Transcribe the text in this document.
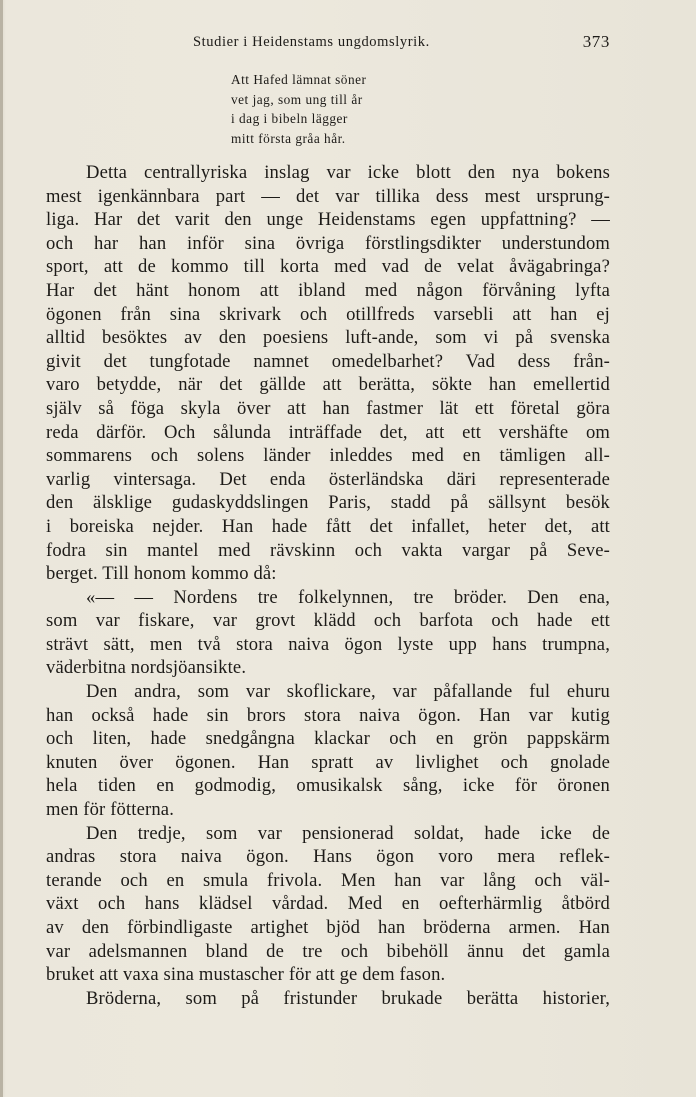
Studier i Heidenstams ungdomslyrik.	373
Att Hafed lämnat söner
vet jag, som ung till år
i dag i bibeln lägger
mitt första gråa hår.
Detta centrallyriska inslag var icke blott den nya bokens
mest igenkännbara part — det var tillika dess mest ursprung-
liga. Har det varit den unge Heidenstams egen uppfattning? —
och har han inför sina övriga förstlingsdikter understundom
sport, att de kommo till korta med vad de velat åvägabringa?
Har det hänt honom att ibland med någon förvåning lyfta
ögonen från sina skrivark och otillfreds varsebli att han ej
alltid besöktes av den poesiens luft-ande, som vi på svenska
givit det tungfotade namnet omedelbarhet? Vad dess från-
varo betydde, när det gällde att berätta, sökte han emellertid
själv så föga skyla över att han fastmer lät ett företal göra
reda därför. Och sålunda inträffade det, att ett vershäfte om
sommarens och solens länder inleddes med en tämligen all-
varlig vintersaga. Det enda österländska däri representerade
den älsklige gudaskyddslingen Paris, stadd på sällsynt besök
i boreiska nejder. Han hade fått det infallet, heter det, att
fodra sin mantel med rävskinn och vakta vargar på Seve-
berget. Till honom kommo då:
«— — Nordens tre folkelynnen, tre bröder. Den ena,
som var fiskare, var grovt klädd och barfota och hade ett
strävt sätt, men två stora naiva ögon lyste upp hans trumpna,
väderbitna nordsjöansikte.
Den andra, som var skoflickare, var påfallande ful ehuru
han också hade sin brors stora naiva ögon. Han var kutig
och liten, hade snedgångna klackar och en grön pappskärm
knuten över ögonen. Han spratt av livlighet och gnolade
hela tiden en godmodig, omusikalsk sång, icke för öronen
men för fötterna.
Den tredje, som var pensionerad soldat, hade icke de
andras stora naiva ögon. Hans ögon voro mera reflek-
terande och en smula frivola. Men han var lång och väl-
växt och hans klädsel vårdad. Med en oefterhärmlig åtbörd
av den förbindligaste artighet bjöd han bröderna armen. Han
var adelsmannen bland de tre och bibehöll ännu det gamla
bruket att vaxa sina mustascher för att ge dem fason.
Bröderna, som på fristunder brukade berätta historier,
